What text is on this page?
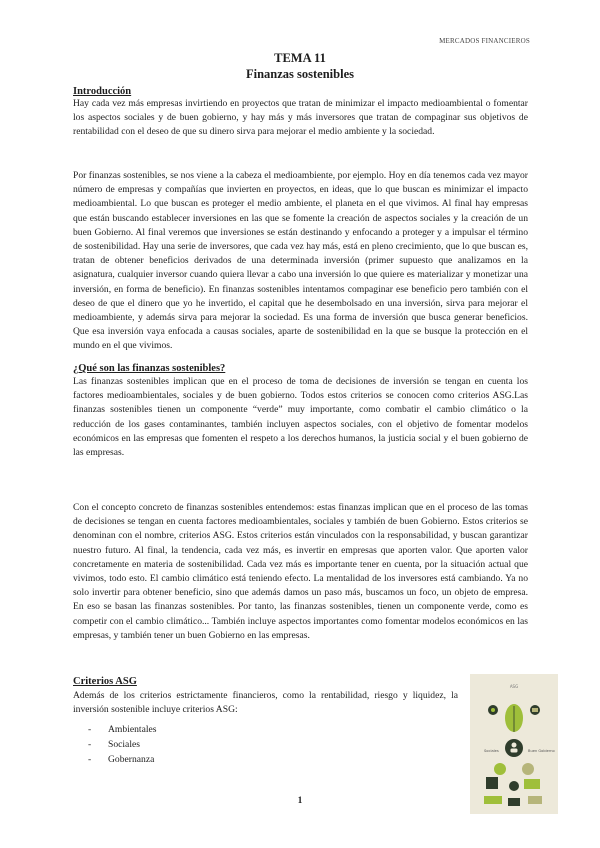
MERCADOS FINANCIEROS
TEMA 11
Finanzas sostenibles
Introducción

Hay cada vez más empresas invirtiendo en proyectos que tratan de minimizar el impacto medioambiental o fomentar los aspectos sociales y de buen gobierno, y hay más y más inversores que tratan de compaginar sus objetivos de rentabilidad con el deseo de que su dinero sirva para mejorar el medio ambiente y la sociedad.

Por finanzas sostenibles, se nos viene a la cabeza el medioambiente, por ejemplo. Hoy en día tenemos cada vez mayor número de empresas y compañías que invierten en proyectos, en ideas, que lo que buscan es minimizar el impacto medioambiental. Lo que buscan es proteger el medio ambiente, el planeta en el que vivimos. Al final hay empresas que están buscando establecer inversiones en las que se fomente la creación de aspectos sociales y la creación de un buen Gobierno. Al final veremos que inversiones se están destinando y enfocando a proteger y a impulsar el término de sostenibilidad. Hay una serie de inversores, que cada vez hay más, está en pleno crecimiento, que lo que buscan es, tratan de obtener beneficios derivados de una determinada inversión (primer supuesto que analizamos en la asignatura, cualquier inversor cuando quiera llevar a cabo una inversión lo que quiere es materializar y monetizar una inversión, en forma de beneficio). En finanzas sostenibles intentamos compaginar ese beneficio pero también con el deseo de que el dinero que yo he invertido, el capital que he desembolsado en una inversión, sirva para mejorar el medioambiente, y además sirva para mejorar la sociedad. Es una forma de inversión que busca generar beneficios. Que esa inversión vaya enfocada a causas sociales, aparte de sostenibilidad en la que se busque la protección en el mundo en el que vivimos.

¿Qué son las finanzas sostenibles?

Las finanzas sostenibles implican que en el proceso de toma de decisiones de inversión se tengan en cuenta los factores medioambientales, sociales y de buen gobierno. Todos estos criterios se conocen como criterios ASG.Las finanzas sostenibles tienen un componente “verde” muy importante, como combatir el cambio climático o la reducción de los gases contaminantes, también incluyen aspectos sociales, con el objetivo de fomentar modelos económicos en las empresas que fomenten el respeto a los derechos humanos, la justicia social y el buen gobierno de las empresas.

Con el concepto concreto de finanzas sostenibles entendemos: estas finanzas implican que en el proceso de las tomas de decisiones se tengan en cuenta factores medioambientales, sociales y también de buen Gobierno. Estos criterios se denominan con el nombre, criterios ASG. Estos criterios están vinculados con la responsabilidad, y buscan garantizar nuestro futuro. Al final, la tendencia, cada vez más, es invertir en empresas que aporten valor. Que aporten valor concretamente en materia de sostenibilidad. Cada vez más es importante tener en cuenta, por la situación actual que vivimos, todo esto. El cambio climático está teniendo efecto. La mentalidad de los inversores está cambiando. Ya no solo invertir para obtener beneficio, sino que además damos un paso más, buscamos un foco, un objeto de empresa. En eso se basan las finanzas sostenibles. Por tanto, las finanzas sostenibles, tienen un componente verde, como es competir con el cambio climático... También incluye aspectos importantes como fomentar modelos económicos en las empresas, y también tener un buen Gobierno en las empresas.

Criterios ASG

Además de los criterios estrictamente financieros, como la rentabilidad, riesgo y liquidez, la inversión sostenible incluye criterios ASG:

-	Ambientales
-	Sociales
-	Gobernanza
ASG
Sociales	Buen Gobierno
1
